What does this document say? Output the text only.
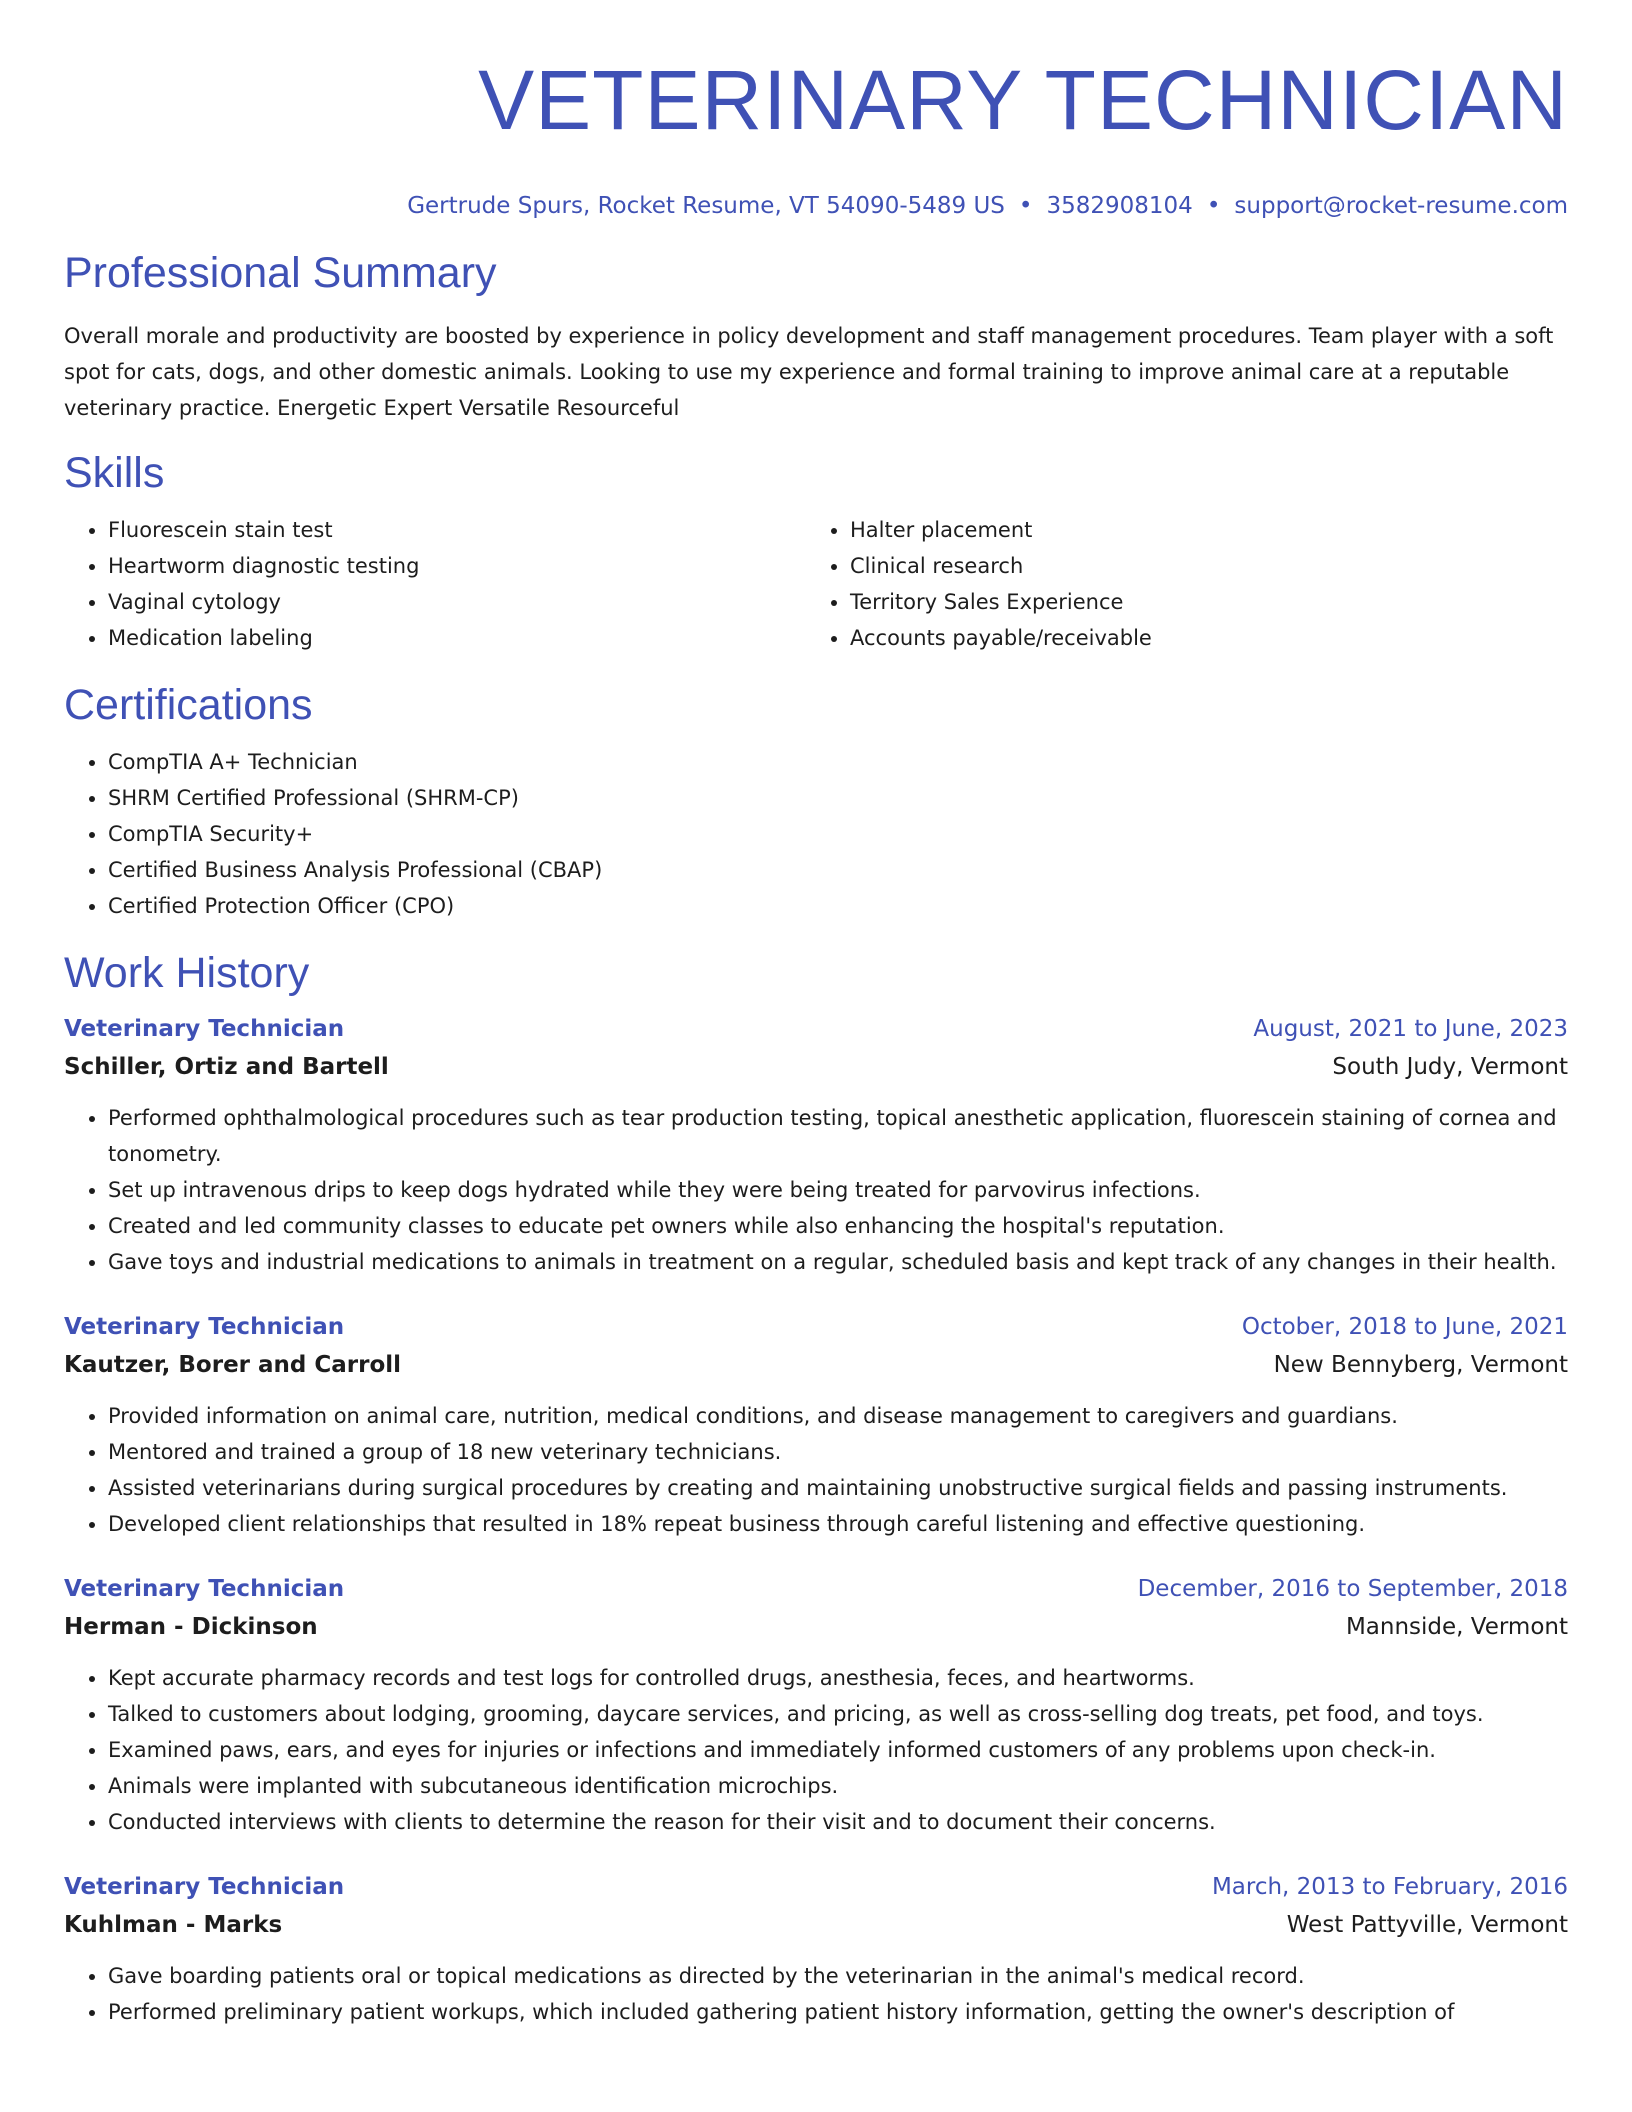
VETERINARY TECHNICIAN
Gertrude Spurs, Rocket Resume, VT 54090-5489 US • 3582908104 • support@rocket-resume.com
Professional Summary

Overall morale and productivity are boosted by experience in policy development and staff management procedures. Team player with a soft spot for cats, dogs, and other domestic animals. Looking to use my experience and formal training to improve animal care at a reputable veterinary practice. Energetic Expert Versatile Resourceful

Skills
• Fluorescein stain test
• Heartworm diagnostic testing
• Vaginal cytology
• Medication labeling
• Halter placement
• Clinical research
• Territory Sales Experience
• Accounts payable/receivable
Certifications
• CompTIA A+ Technician
• SHRM Certified Professional (SHRM-CP)
• CompTIA Security+
• Certified Business Analysis Professional (CBAP)
• Certified Protection Officer (CPO)
Work History
Veterinary Technician	August, 2021 to June, 2023
Schiller, Ortiz and Bartell	South Judy, Vermont
• Performed ophthalmological procedures such as tear production testing, topical anesthetic application, fluorescein staining of cornea and tonometry.
• Set up intravenous drips to keep dogs hydrated while they were being treated for parvovirus infections.
• Created and led community classes to educate pet owners while also enhancing the hospital's reputation.
• Gave toys and industrial medications to animals in treatment on a regular, scheduled basis and kept track of any changes in their health.
Veterinary Technician	October, 2018 to June, 2021
Kautzer, Borer and Carroll	New Bennyberg, Vermont
• Provided information on animal care, nutrition, medical conditions, and disease management to caregivers and guardians.
• Mentored and trained a group of 18 new veterinary technicians.
• Assisted veterinarians during surgical procedures by creating and maintaining unobstructive surgical fields and passing instruments.
• Developed client relationships that resulted in 18% repeat business through careful listening and effective questioning.
Veterinary Technician	December, 2016 to September, 2018
Herman - Dickinson	Mannside, Vermont
• Kept accurate pharmacy records and test logs for controlled drugs, anesthesia, feces, and heartworms.
• Talked to customers about lodging, grooming, daycare services, and pricing, as well as cross-selling dog treats, pet food, and toys.
• Examined paws, ears, and eyes for injuries or infections and immediately informed customers of any problems upon check-in.
• Animals were implanted with subcutaneous identification microchips.
• Conducted interviews with clients to determine the reason for their visit and to document their concerns.
Veterinary Technician	March, 2013 to February, 2016
Kuhlman - Marks	West Pattyville, Vermont
• Gave boarding patients oral or topical medications as directed by the veterinarian in the animal's medical record.
• Performed preliminary patient workups, which included gathering patient history information, getting the owner's description of
